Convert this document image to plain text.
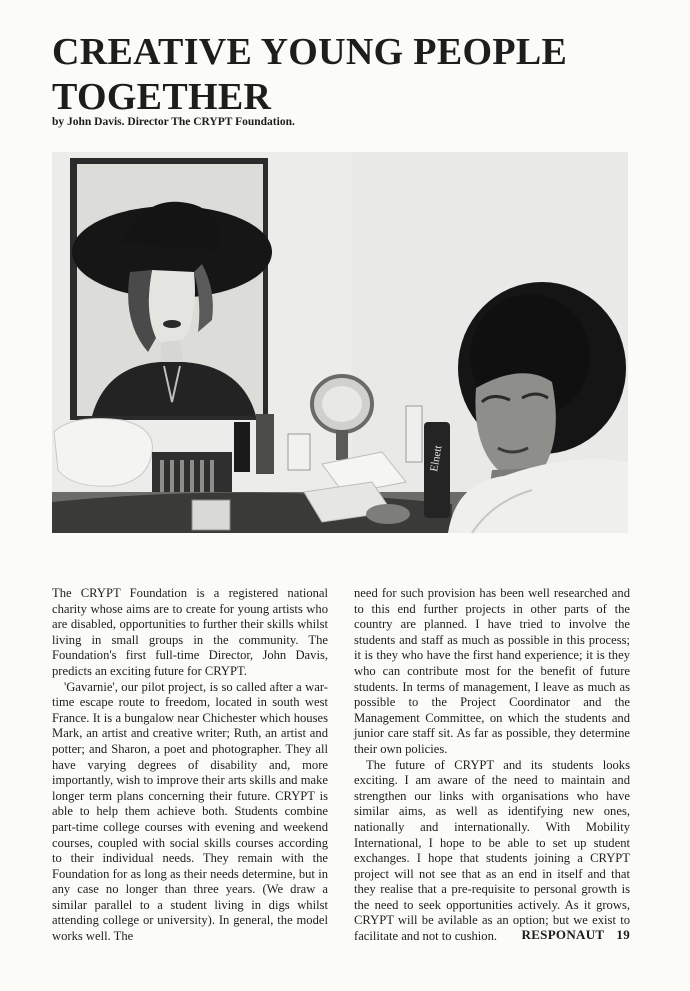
CREATIVE YOUNG PEOPLE TOGETHER

by John Davis. Director The CRYPT Foundation.

Elnett

The CRYPT Foundation is a registered national charity whose aims are to create for young artists who are disabled, opportunities to further their skills whilst living in small groups in the community. The Foundation's first full-time Director, John Davis, predicts an exciting future for CRYPT.

'Gavarnie', our pilot project, is so called after a war-time escape route to freedom, located in south west France. It is a bungalow near Chichester which houses Mark, an artist and creative writer; Ruth, an artist and potter; and Sharon, a poet and photographer. They all have varying degrees of disability and, more importantly, wish to improve their arts skills and make longer term plans concerning their future. CRYPT is able to help them achieve both. Students combine part-time college courses with evening and weekend courses, coupled with social skills courses according to their individual needs. They remain with the Foundation for as long as their needs determine, but in any case no longer than three years. (We draw a similar parallel to a student living in digs whilst attending college or university). In general, the model works well. The

need for such provision has been well researched and to this end further projects in other parts of the country are planned. I have tried to involve the students and staff as much as possible in this process; it is they who have the first hand experience; it is they who can contribute most for the benefit of future students. In terms of management, I leave as much as possible to the Project Coordinator and the Management Committee, on which the students and junior care staff sit. As far as possible, they determine their own policies.

The future of CRYPT and its students looks exciting. I am aware of the need to maintain and strengthen our links with organisations who have similar aims, as well as identifying new ones, nationally and internationally. With Mobility International, I hope to be able to set up student exchanges. I hope that students joining a CRYPT project will not see that as an end in itself and that they realise that a pre-requisite to personal growth is the need to seek opportunities actively. As it grows, CRYPT will be avilable as an option; but we exist to facilitate and not to cushion.	RESPONAUT 19
